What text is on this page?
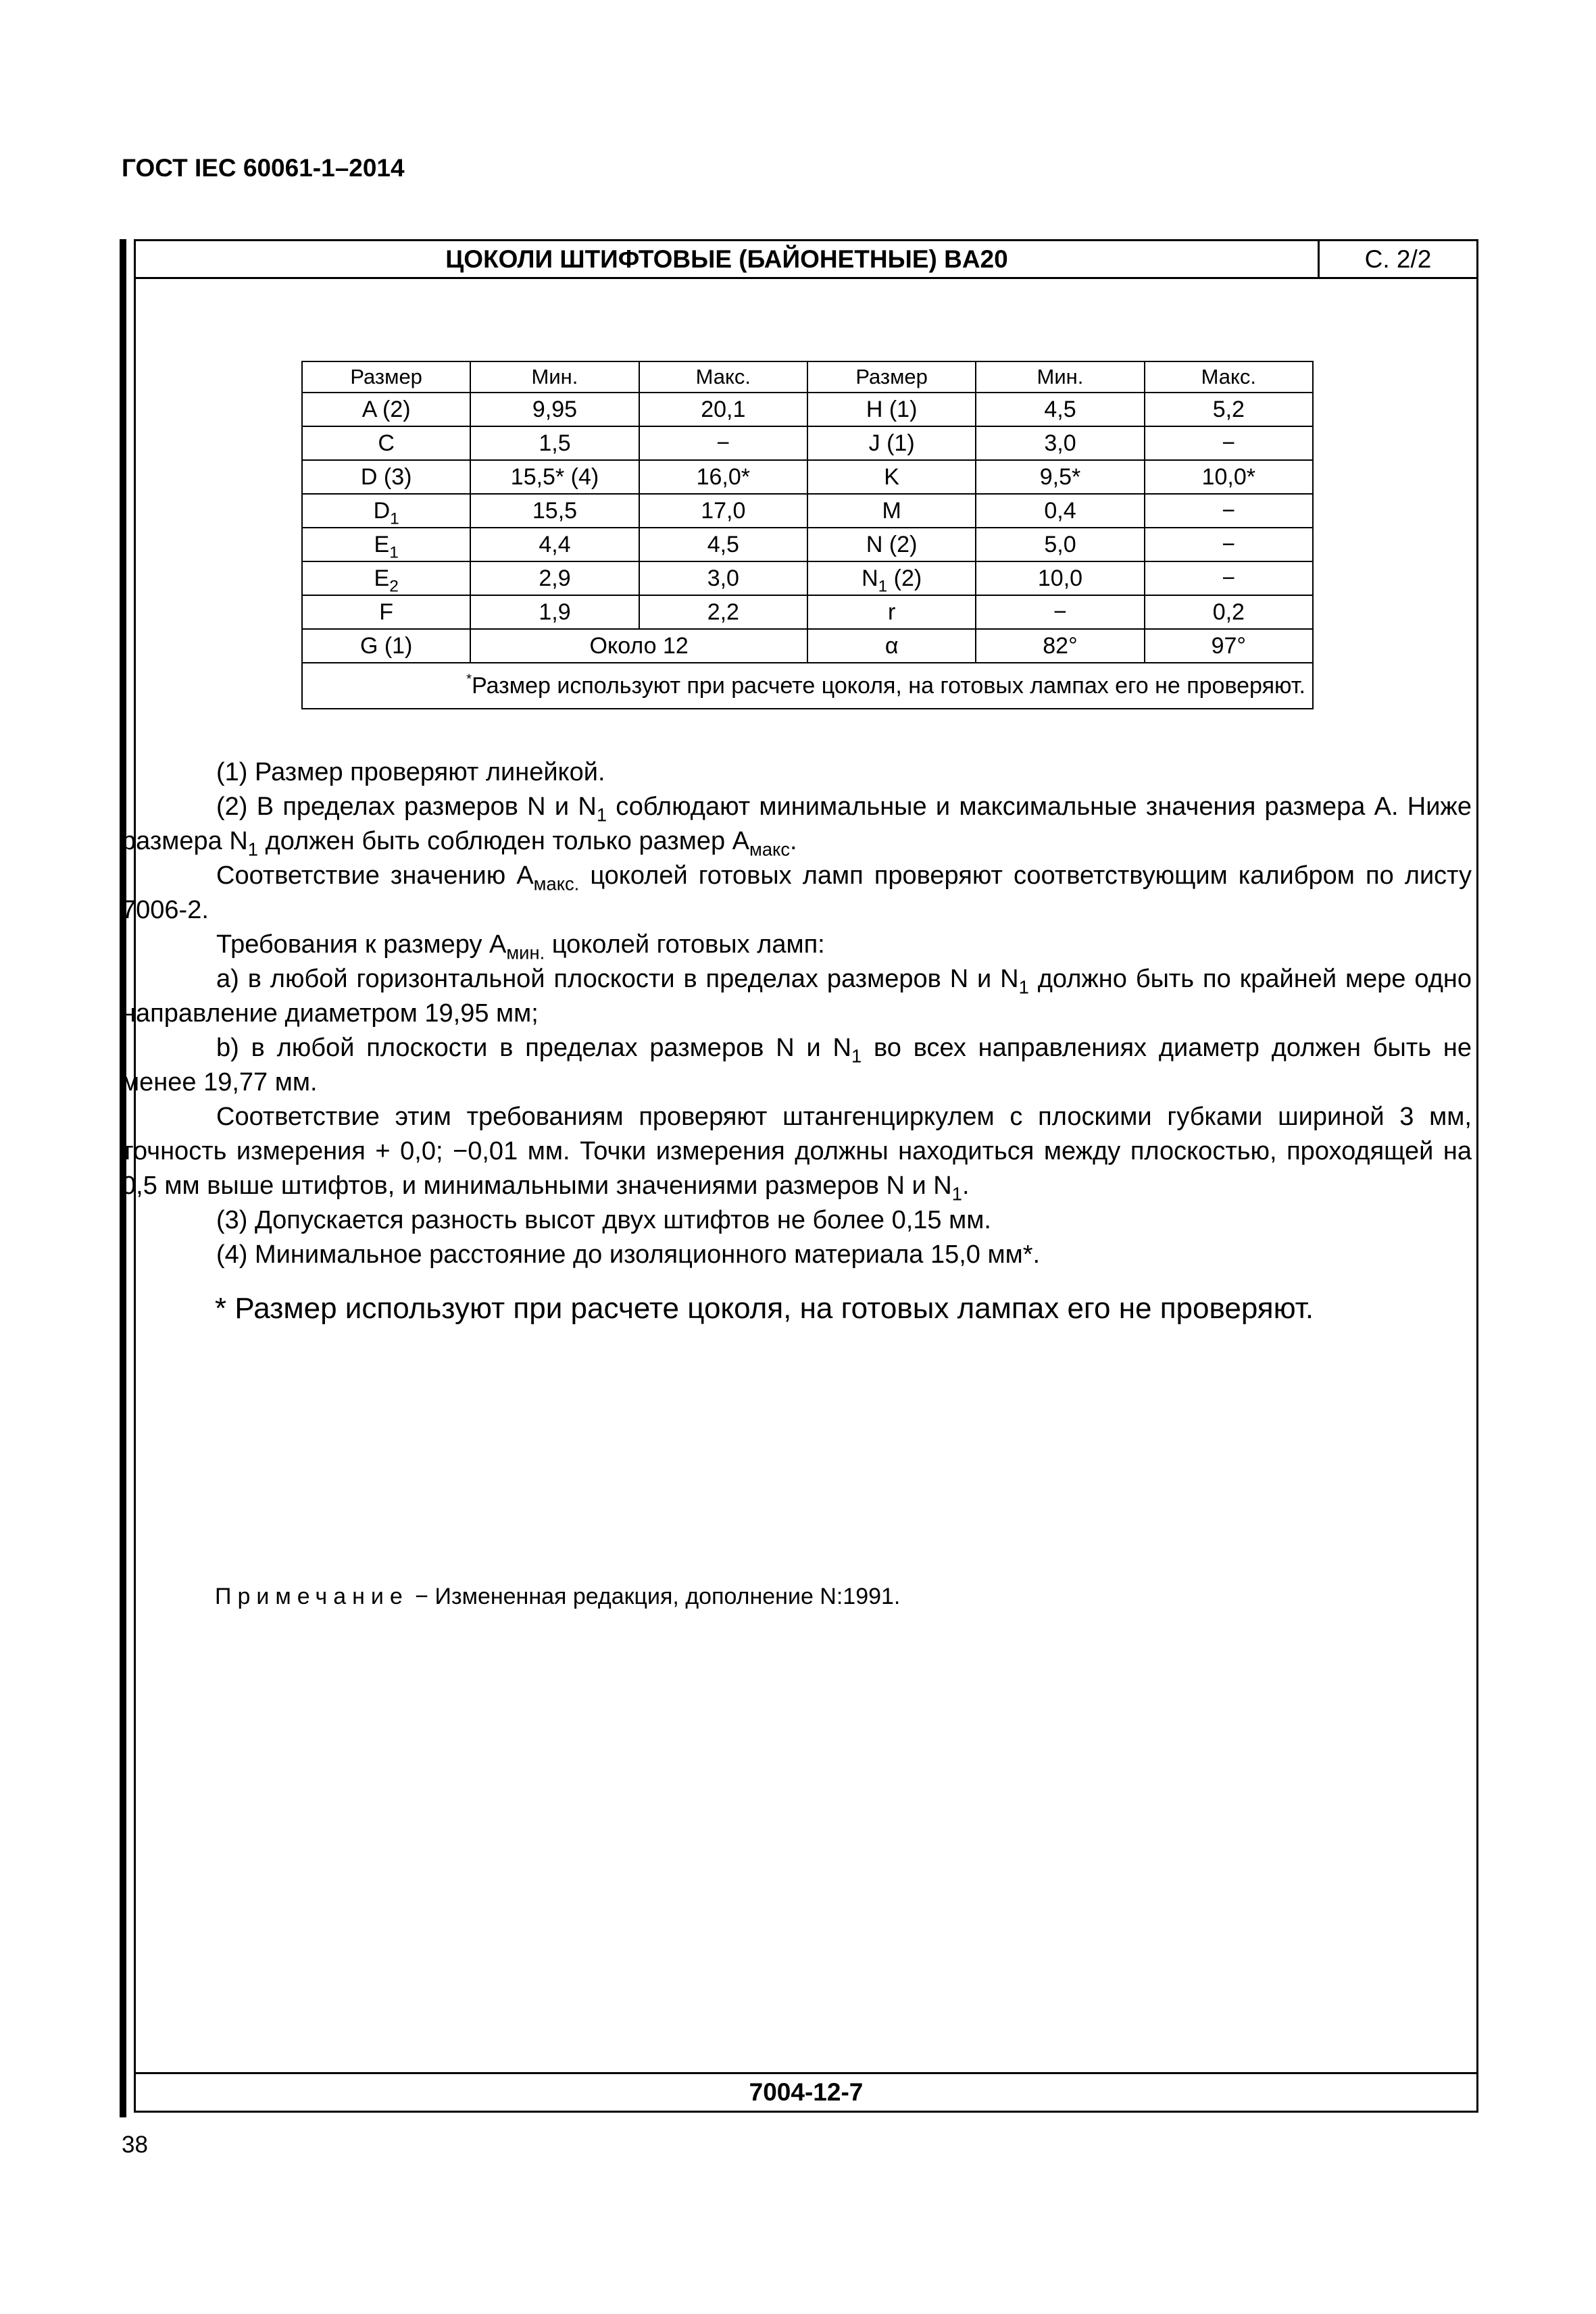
ГОСТ IEC 60061-1–2014
ЦОКОЛИ ШТИФТОВЫЕ (БАЙОНЕТНЫЕ) BA20	С. 2/2
7004-12-7
Размер	Мин.	Макс.	Размер	Мин.	Макс.
A (2)	9,95	20,1	H (1)	4,5	5,2
C	1,5	−	J (1)	3,0	−
D (3)	15,5* (4)	16,0*	K	9,5*	10,0*
$D_1$	15,5	17,0	M	0,4	−
$E_1$	4,4	4,5	N (2)	5,0	−
$E_2$	2,9	3,0	$N_1$ (2)	10,0	−
F	1,9	2,2	r	−	0,2
G (1)	Около 12		α	82°	97°
*Размер используют при расчете цоколя, на готовых лампах его не проверяют.					

(1) Размер проверяют линейкой.

(2) В пределах размеров N и $N_1$ соблюдают минимальные и максимальные значения размера А. Ниже размера $N_1$ должен быть соблюден только размер $А_{макс}$.

Соответствие значению $А_{макс.}$ цоколей готовых ламп проверяют соответствующим калибром по листу 7006-2.

Требования к размеру $А_{мин.}$ цоколей готовых ламп:

a) в любой горизонтальной плоскости в пределах размеров N и $N_1$ должно быть по крайней мере одно направление диаметром 19,95 мм;

b) в любой плоскости в пределах размеров N и $N_1$ во всех направлениях диаметр должен быть не менее 19,77 мм.

Соответствие этим требованиям проверяют штангенциркулем с плоскими губками шириной 3 мм, точность измерения + 0,0; −0,01 мм. Точки измерения должны находиться между плоскостью, проходящей на 0,5 мм выше штифтов, и минимальными значениями размеров N и $N_1$.

(3) Допускается разность высот двух штифтов не более 0,15 мм.

(4) Минимальное расстояние до изоляционного материала 15,0 мм*.

* Размер используют при расчете цоколя, на готовых лампах его не проверяют.
Примечание − Измененная редакция, дополнение N:1991.
38
